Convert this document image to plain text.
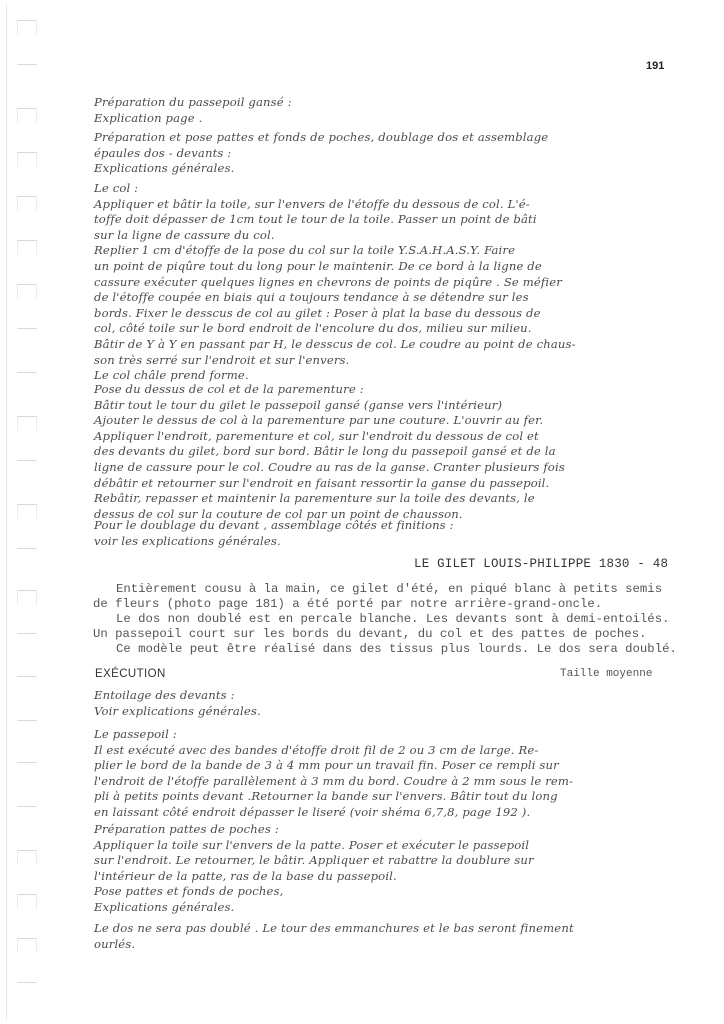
191

Préparation du passepoil gansé :

Explication page .

Préparation et pose pattes et fonds de poches, doublage dos et assemblage

épaules dos - devants :

Explications générales.

Le col :

Appliquer et bâtir la toile, sur l'envers de l'étoffe du dessous de col. L'é-

toffe doit dépasser de 1cm tout le tour de la toile. Passer un point de bâti

sur la ligne de cassure du col.

Replier 1 cm d'étoffe de la pose du col sur la toile Y.S.A.H.A.S.Y. Faire

un point de piqûre tout du long pour le maintenir. De ce bord à la ligne de

cassure exécuter quelques lignes en chevrons de points de piqûre . Se méfier

de l'étoffe coupée en biais qui a toujours tendance à se détendre sur les

bords. Fixer le desscus de col au gilet : Poser à plat la base du dessous de

col, côté toile sur le bord endroit de l'encolure du dos, milieu sur milieu.

Bâtir de Y à Y en passant par H, le desscus de col. Le coudre au point de chaus-

son très serré sur l'endroit et sur l'envers.

Le col châle prend forme.

Pose du dessus de col et de la parementure :

Bâtir tout le tour du gilet le passepoil gansé (ganse vers l'intérieur)

Ajouter le dessus de col à la parementure par une couture. L'ouvrir au fer.

Appliquer l'endroit, parementure et col, sur l'endroit du dessous de col et

des devants du gilet, bord sur bord. Bâtir le long du passepoil gansé et de la

ligne de cassure pour le col. Coudre au ras de la ganse. Cranter plusieurs fois

débâtir et retourner sur l'endroit en faisant ressortir la ganse du passepoil.

Rebâtir, repasser et maintenir la parementure sur la toile des devants, le

dessus de col sur la couture de col par un point de chausson.

Pour le doublage du devant , assemblage côtés et finitions :

voir les explications générales.

LE GILET LOUIS-PHILIPPE 1830 - 48

Entièrement cousu à la main, ce gilet d'été, en piqué blanc à petits semis

de fleurs (photo page 181) a été porté par notre arrière-grand-oncle.

Le dos non doublé est en percale blanche. Les devants sont à demi-entoilés.

Un passepoil court sur les bords du devant, du col et des pattes de poches.

Ce modèle peut être réalisé dans des tissus plus lourds. Le dos sera doublé.

EXÉCUTION	Taille moyenne

Entoilage des devants :

Voir explications générales.

Le passepoil :

Il est exécuté avec des bandes d'étoffe droit fil de 2 ou 3 cm de large. Re-

plier le bord de la bande de 3 à 4 mm pour un travail fin. Poser ce rempli sur

l'endroit de l'étoffe parallèlement à 3 mm du bord. Coudre à 2 mm sous le rem-

pli à petits points devant .Retourner la bande sur l'envers. Bâtir tout du long

en laissant côté endroit dépasser le liseré (voir shéma 6,7,8, page 192 ).

Préparation pattes de poches :

Appliquer la toile sur l'envers de la patte. Poser et exécuter le passepoil

sur l'endroit. Le retourner, le bâtir. Appliquer et rabattre la doublure sur

l'intérieur de la patte, ras de la base du passepoil.

Pose pattes et fonds de poches,

Explications générales.

Le dos ne sera pas doublé . Le tour des emmanchures et le bas seront finement

ourlés.
